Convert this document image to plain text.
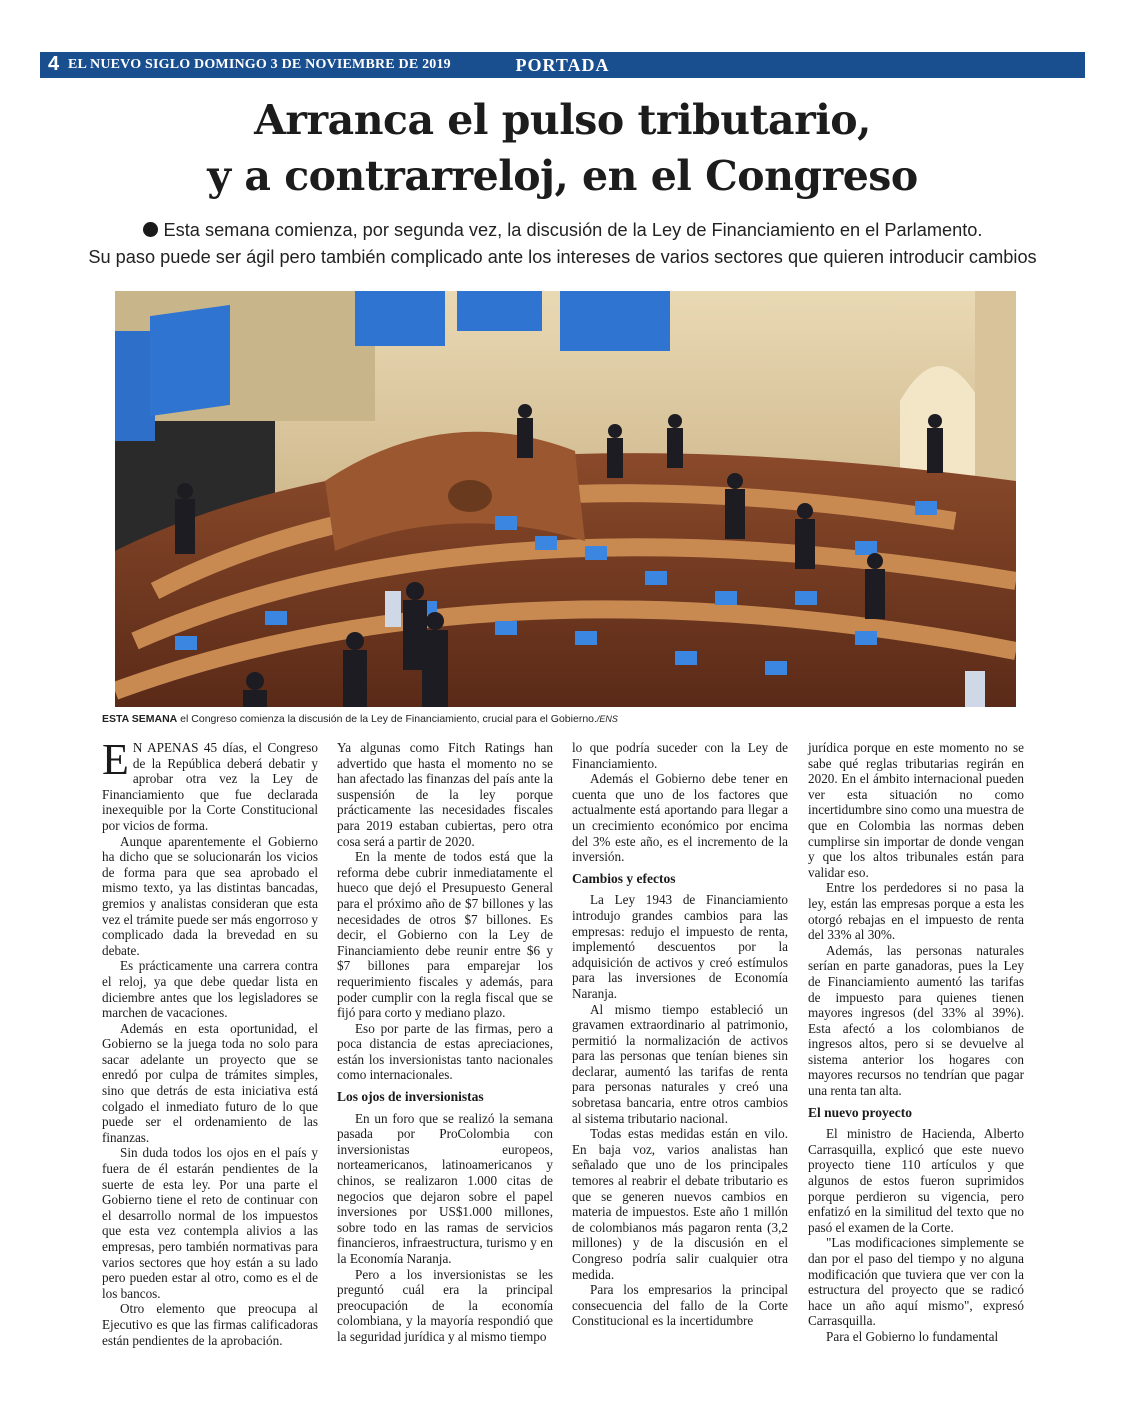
4 EL NUEVO SIGLO DOMINGO 3 DE NOVIEMBRE DE 2019	PORTADA
Arranca el pulso tributario,
y a contrarreloj, en el Congreso
Esta semana comienza, por segunda vez, la discusión de la Ley de Financiamiento en el Parlamento.
Su paso puede ser ágil pero también complicado ante los intereses de varios sectores que quieren introducir cambios
ESTA SEMANA el Congreso comienza la discusión de la Ley de Financiamiento, crucial para el Gobierno./ENS

E N APENAS 45 días, el Congreso de la República deberá debatir y aprobar otra vez la Ley de Financiamiento que fue declarada inexequible por la Corte Constitucional por vicios de forma.

Aunque aparentemente el Gobierno ha dicho que se solucionarán los vicios de forma para que sea aprobado el mismo texto, ya las distintas bancadas, gremios y analistas consideran que esta vez el trámite puede ser más engorroso y complicado dada la brevedad en su debate.

Es prácticamente una carrera contra el reloj, ya que debe quedar lista en diciembre antes que los legisladores se marchen de vacaciones.

Además en esta oportunidad, el Gobierno se la juega toda no solo para sacar adelante un proyecto que se enredó por culpa de trámites simples, sino que detrás de esta iniciativa está colgado el inmediato futuro de lo que puede ser el ordenamiento de las finanzas.

Sin duda todos los ojos en el país y fuera de él estarán pendientes de la suerte de esta ley. Por una parte el Gobierno tiene el reto de continuar con el desarrollo normal de los impuestos que esta vez contempla alivios a las empresas, pero también normativas para varios sectores que hoy están a su lado pero pueden estar al otro, como es el de los bancos.

Otro elemento que preocupa al Ejecutivo es que las firmas calificadoras están pendientes de la aprobación.

Ya algunas como Fitch Ratings han advertido que hasta el momento no se han afectado las finanzas del país ante la suspensión de la ley porque prácticamente las necesidades fiscales para 2019 estaban cubiertas, pero otra cosa será a partir de 2020.

En la mente de todos está que la reforma debe cubrir inmediatamente el hueco que dejó el Presupuesto General para el próximo año de $7 billones y las necesidades de otros $7 billones. Es decir, el Gobierno con la Ley de Financiamiento debe reunir entre $6 y $7 billones para emparejar los requerimiento fiscales y además, para poder cumplir con la regla fiscal que se fijó para corto y mediano plazo.

Eso por parte de las firmas, pero a poca distancia de estas apreciaciones, están los inversionistas tanto nacionales como internacionales.

Los ojos de inversionistas

En un foro que se realizó la semana pasada por ProColombia con inversionistas europeos, norteamericanos, latinoamericanos y chinos, se realizaron 1.000 citas de negocios que dejaron sobre el papel inversiones por US$1.000 millones, sobre todo en las ramas de servicios financieros, infraestructura, turismo y en la Economía Naranja.

Pero a los inversionistas se les preguntó cuál era la principal preocupación de la economía colombiana, y la mayoría respondió que la seguridad jurídica y al mismo tiempo

lo que podría suceder con la Ley de Financiamiento.

Además el Gobierno debe tener en cuenta que uno de los factores que actualmente está aportando para llegar a un crecimiento económico por encima del 3% este año, es el incremento de la inversión.

Cambios y efectos

La Ley 1943 de Financiamiento introdujo grandes cambios para las empresas: redujo el impuesto de renta, implementó descuentos por la adquisición de activos y creó estímulos para las inversiones de Economía Naranja.

Al mismo tiempo estableció un gravamen extraordinario al patrimonio, permitió la normalización de activos para las personas que tenían bienes sin declarar, aumentó las tarifas de renta para personas naturales y creó una sobretasa bancaria, entre otros cambios al sistema tributario nacional.

Todas estas medidas están en vilo. En baja voz, varios analistas han señalado que uno de los principales temores al reabrir el debate tributario es que se generen nuevos cambios en materia de impuestos. Este año 1 millón de colombianos más pagaron renta (3,2 millones) y de la discusión en el Congreso podría salir cualquier otra medida.

Para los empresarios la principal consecuencia del fallo de la Corte Constitucional es la incertidumbre

jurídica porque en este momento no se sabe qué reglas tributarias regirán en 2020. En el ámbito internacional pueden ver esta situación no como incertidumbre sino como una muestra de que en Colombia las normas deben cumplirse sin importar de donde vengan y que los altos tribunales están para validar eso.

Entre los perdedores si no pasa la ley, están las empresas porque a esta les otorgó rebajas en el impuesto de renta del 33% al 30%.

Además, las personas naturales serían en parte ganadoras, pues la Ley de Financiamiento aumentó las tarifas de impuesto para quienes tienen mayores ingresos (del 33% al 39%). Esta afectó a los colombianos de ingresos altos, pero si se devuelve al sistema anterior los hogares con mayores recursos no tendrían que pagar una renta tan alta.

El nuevo proyecto

El ministro de Hacienda, Alberto Carrasquilla, explicó que este nuevo proyecto tiene 110 artículos y que algunos de estos fueron suprimidos porque perdieron su vigencia, pero enfatizó en la similitud del texto que no pasó el examen de la Corte.

"Las modificaciones simplemente se dan por el paso del tiempo y no alguna modificación que tuviera que ver con la estructura del proyecto que se radicó hace un año aquí mismo", expresó Carrasquilla.

Para el Gobierno lo fundamental
